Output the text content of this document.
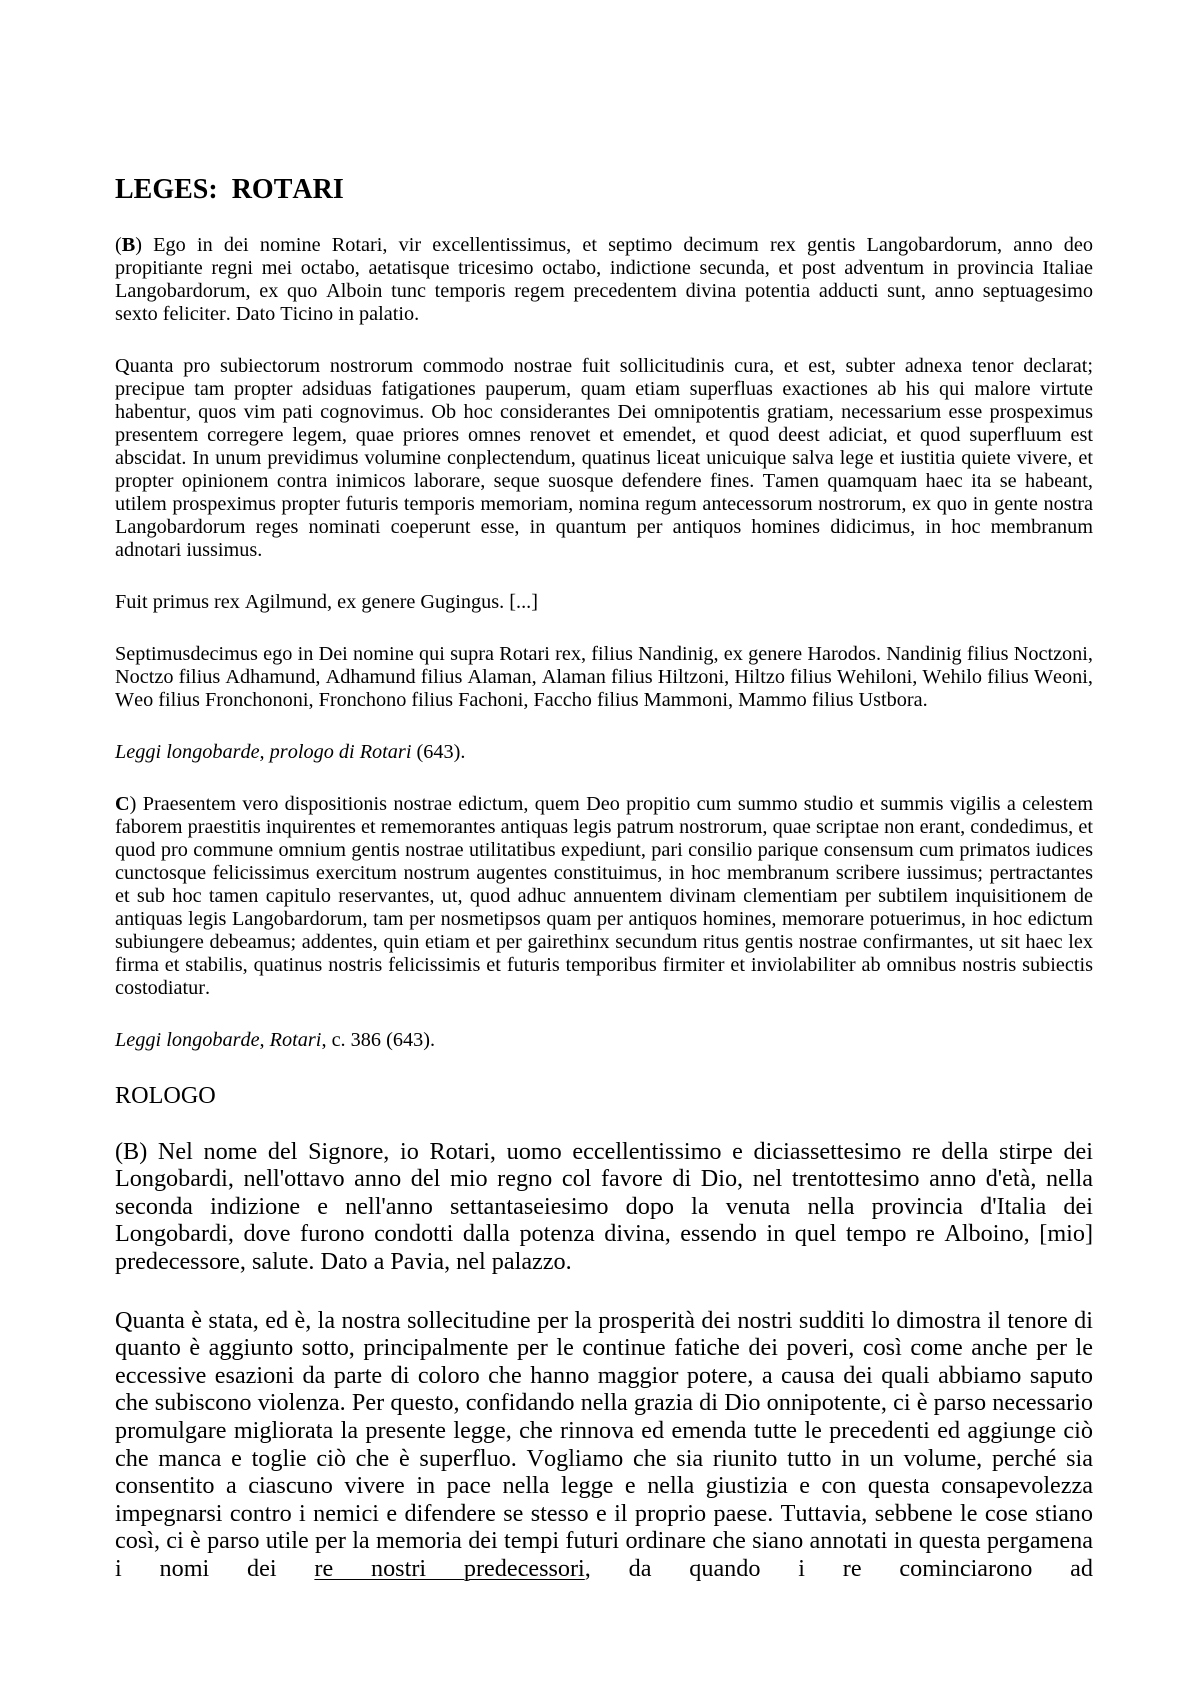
LEGES: ROTARI

(B) Ego in dei nomine Rotari, vir excellentissimus, et septimo decimum rex gentis Langobardorum, anno deo propitiante regni mei octabo, aetatisque tricesimo octabo, indictione secunda, et post adventum in provincia Italiae Langobardorum, ex quo Alboin tunc temporis regem precedentem divina potentia adducti sunt, anno septuagesimo sexto feliciter. Dato Ticino in palatio.

Quanta pro subiectorum nostrorum commodo nostrae fuit sollicitudinis cura, et est, subter adnexa tenor declarat; precipue tam propter adsiduas fatigationes pauperum, quam etiam superfluas exactiones ab his qui malore virtute habentur, quos vim pati cognovimus. Ob hoc considerantes Dei omnipotentis gratiam, necessarium esse prospeximus presentem corregere legem, quae priores omnes renovet et emendet, et quod deest adiciat, et quod superfluum est abscidat. In unum previdimus volumine conplectendum, quatinus liceat unicuique salva lege et iustitia quiete vivere, et propter opinionem contra inimicos laborare, seque suosque defendere fines. Tamen quamquam haec ita se habeant, utilem prospeximus propter futuris temporis memoriam, nomina regum antecessorum nostrorum, ex quo in gente nostra Langobardorum reges nominati coeperunt esse, in quantum per antiquos homines didicimus, in hoc membranum adnotari iussimus.

Fuit primus rex Agilmund, ex genere Gugingus. [...]

Septimusdecimus ego in Dei nomine qui supra Rotari rex, filius Nandinig, ex genere Harodos. Nandinig filius Noctzoni, Noctzo filius Adhamund, Adhamund filius Alaman, Alaman filius Hiltzoni, Hiltzo filius Wehiloni, Wehilo filius Weoni, Weo filius Fronchononi, Fronchono filius Fachoni, Faccho filius Mammoni, Mammo filius Ustbora.

Leggi longobarde, prologo di Rotari (643).

C) Praesentem vero dispositionis nostrae edictum, quem Deo propitio cum summo studio et summis vigilis a celestem faborem praestitis inquirentes et rememorantes antiquas legis patrum nostrorum, quae scriptae non erant, condedimus, et quod pro commune omnium gentis nostrae utilitatibus expediunt, pari consilio parique consensum cum primatos iudices cunctosque felicissimus exercitum nostrum augentes constituimus, in hoc membranum scribere iussimus; pertractantes et sub hoc tamen capitulo reservantes, ut, quod adhuc annuentem divinam clementiam per subtilem inquisitionem de antiquas legis Langobardorum, tam per nosmetipsos quam per antiquos homines, memorare potuerimus, in hoc edictum subiungere debeamus; addentes, quin etiam et per gairethinx secundum ritus gentis nostrae confirmantes, ut sit haec lex firma et stabilis, quatinus nostris felicissimis et futuris temporibus firmiter et inviolabiliter ab omnibus nostris subiectis costodiatur.

Leggi longobarde, Rotari, c. 386 (643).

ROLOGO

(B) Nel nome del Signore, io Rotari, uomo eccellentissimo e diciassettesimo re della stirpe dei Longobardi, nell'ottavo anno del mio regno col favore di Dio, nel trentottesimo anno d'età, nella seconda indizione e nell'anno settantaseiesimo dopo la venuta nella provincia d'Italia dei Longobardi, dove furono condotti dalla potenza divina, essendo in quel tempo re Alboino, [mio] predecessore, salute. Dato a Pavia, nel palazzo.

Quanta è stata, ed è, la nostra sollecitudine per la prosperità dei nostri sudditi lo dimostra il tenore di quanto è aggiunto sotto, principalmente per le continue fatiche dei poveri, così come anche per le eccessive esazioni da parte di coloro che hanno maggior potere, a causa dei quali abbiamo saputo che subiscono violenza. Per questo, confidando nella grazia di Dio onnipotente, ci è parso necessario promulgare migliorata la presente legge, che rinnova ed emenda tutte le precedenti ed aggiunge ciò che manca e toglie ciò che è superfluo. Vogliamo che sia riunito tutto in un volume, perché sia consentito a ciascuno vivere in pace nella legge e nella giustizia e con questa consapevolezza impegnarsi contro i nemici e difendere se stesso e il proprio paese. Tuttavia, sebbene le cose stiano così, ci è parso utile per la memoria dei tempi futuri ordinare che siano annotati in questa pergamena i nomi dei re nostri predecessori, da quando i re cominciarono ad
